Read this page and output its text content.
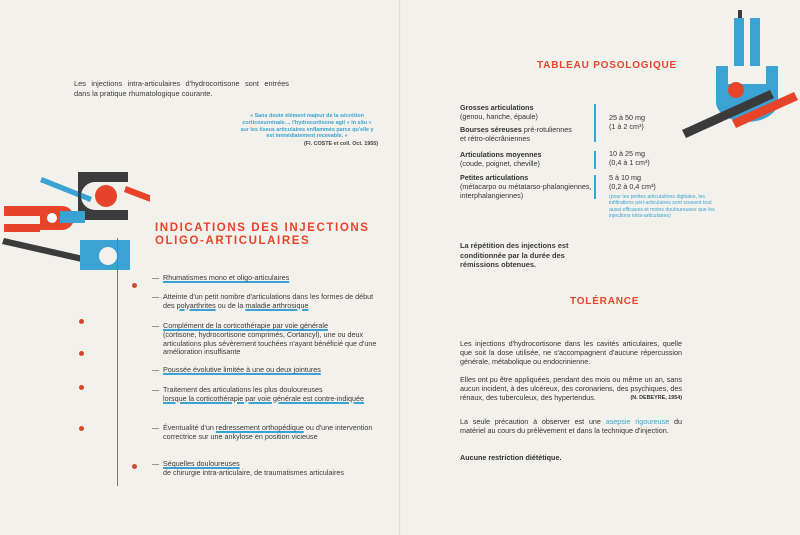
Les injections intra-articulaires d'hydrocortisone sont entrées dans la pratique rhumatologique courante.
« Sans doute élément majeur de la sécrétion corticosurrénale..., l'hydrocortisone agit « in situ » sur les tissus articulaires enflammés parce qu'elle y est immédiatement recevable. »
(Fl. COSTE et coll. Oct. 1955)
INDICATIONS DES INJECTIONS
OLIGO-ARTICULAIRES
— Rhumatismes mono et oligo-articulaires
— Atteinte d'un petit nombre d'articulations dans les formes de début des polyarthrites ou de la maladie arthrosique
— Complément de la corticothérapie par voie générale
(cortisone, hydrocortisone comprimés, Cortancyl), une ou deux articulations plus sévèrement touchées n'ayant bénéficié que d'une amélioration insuffisante
— Poussée évolutive limitée à une ou deux jointures
— Traitement des articulations les plus douloureuses
lorsque la corticothérapie par voie générale est contre-indiquée
— Éventualité d'un redressement orthopédique ou d'une intervention correctrice sur une ankylose en position vicieuse
— Séquelles douloureuses
de chirurgie intra-articulaire, de traumatismes articulaires
TABLEAU POSOLOGIQUE
Grosses articulations
(genou, hanche, épaule)
Bourses séreuses pré-rotuliennes
et rétro-olécrâniennes
25 à 50 mg
(1 à 2 cm³)
Articulations moyennes
(coude, poignet, cheville)
10 à 25 mg
(0,4 à 1 cm³)
Petites articulations
(métacarpo ou métatarso-phalangiennes, interphalangiennes)
5 à 10 mg
(0,2 à 0,4 cm³)
(pour les petites articulations digitales, les infiltrations péri-articulaires sont souvent tout aussi efficaces et moins douloureuses que les injections intra-articulaires)
La répétition des injections est conditionnée par la durée des rémissions obtenues.
TOLÉRANCE
Les injections d'hydrocortisone dans les cavités articulaires, quelle que soit la dose utilisée, ne s'accompagnent d'aucune répercussion générale, métabolique ou endocrinienne.
Elles ont pu être appliquées, pendant des mois ou même un an, sans aucun incident, à des ulcéreux, des coronariens, des psychiques, des rénaux, des tuberculeux, des hypertendus.	(N. DEBEYRE, 1954)
La seule précaution à observer est une asepsie rigoureuse du matériel au cours du prélèvement et dans la technique d'injection.
Aucune restriction diététique.
